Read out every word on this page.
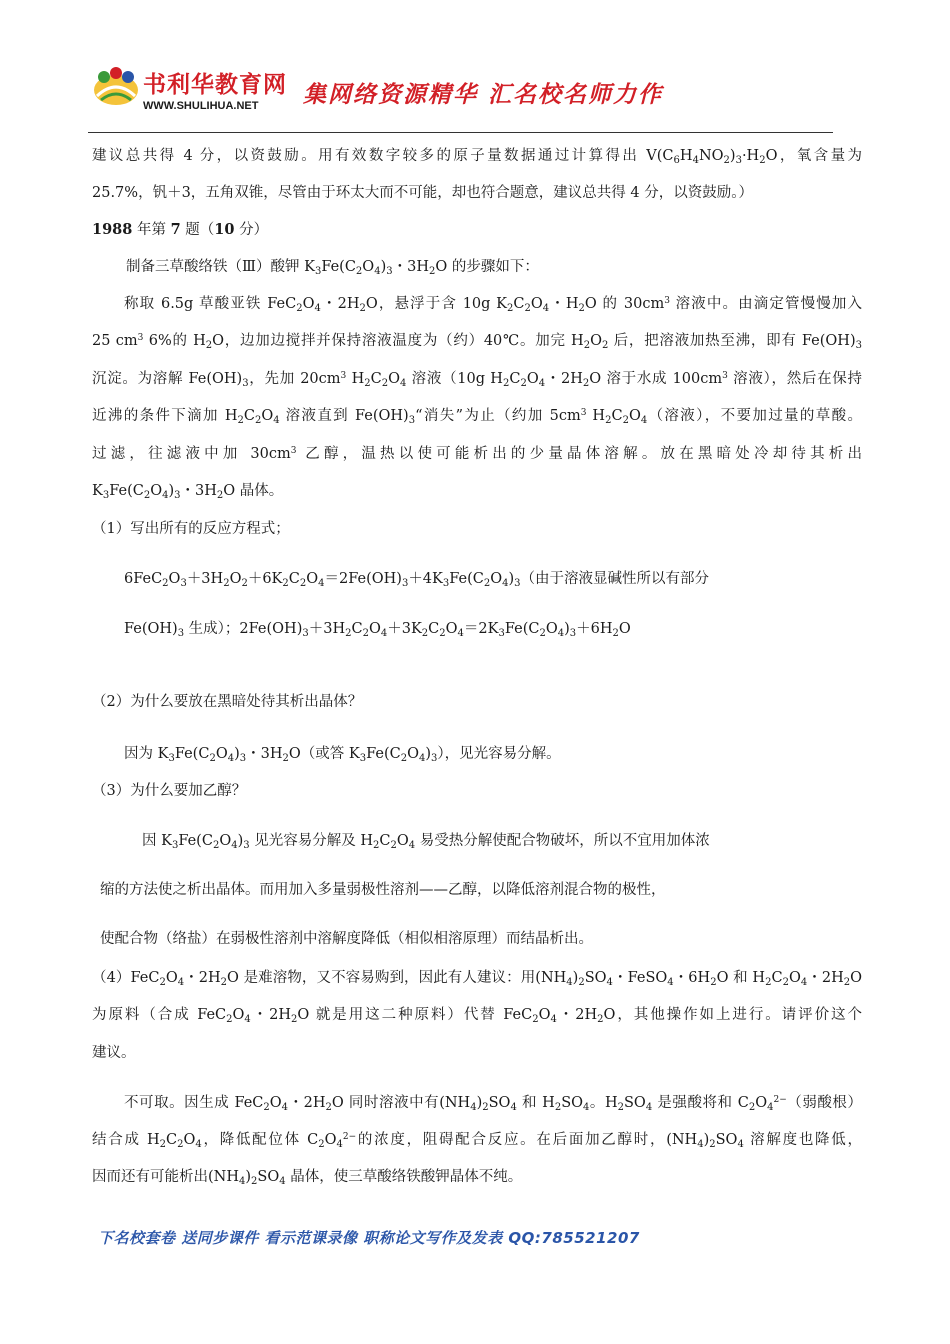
书利华教育网
WWW.SHULIHUA.NET 集网络资源精华 汇名校名师力作
建议总共得 4 分，以资鼓励。用有效数字较多的原子量数据通过计算得出 $V(C_6H_4NO_2)_3\cdot H_2O$，氧含量为
25.7%，钒＋3，五角双锥，尽管由于环太大而不可能，却也符合题意，建议总共得 4 分，以资鼓励。）
1988 年第 7 题（10 分）
制备三草酸络铁（Ⅲ）酸钾 $K_3Fe(C_2O_4)_3$・$3H_2O$ 的步骤如下：
称取 6.5g 草酸亚铁 $FeC_2O_4$・$2H_2O$，悬浮于含 10g $K_2C_2O_4$・$H_2O$ 的 $30cm^3$ 溶液中。由滴定管慢慢加入
25 $cm^3$ 6%的 $H_2O$，边加边搅拌并保持溶液温度为（约）40℃。加完 $H_2O_2$ 后，把溶液加热至沸，即有 $Fe(OH)_3$
沉淀。为溶解 $Fe(OH)_3$，先加 $20cm^3$ $H_2C_2O_4$ 溶液（10g $H_2C_2O_4$・$2H_2O$ 溶于水成 $100cm^3$ 溶液），然后在保持
近沸的条件下滴加 $H_2C_2O_4$ 溶液直到 $Fe(OH)_3“$消失”为止（约加 $5cm^3$ $H_2C_2O_4$（溶液），不要加过量的草酸。
过滤，往滤液中加 $30cm^3$ 乙醇，温热以使可能析出的少量晶体溶解。放在黑暗处冷却待其析出
$K_3Fe(C_2O_4)_3$・$3H_2O$ 晶体。
（1）写出所有的反应方程式；
$6FeC_2O_3+3H_2O_2+6K_2C_2O_4=2Fe(OH)_3+4K_3Fe(C_2O_4)_3$（由于溶液显碱性所以有部分
$Fe(OH)_3$ 生成）；$2Fe(OH)_3+3H_2C_2O_4+3K_2C_2O_4=2K_3Fe(C_2O_4)_3+6H_2O$
（2）为什么要放在黑暗处待其析出晶体？
因为 $K_3Fe(C_2O_4)_3$・$3H_2O$（或答 $K_3Fe(C_2O_4)_3$），见光容易分解。
（3）为什么要加乙醇？
因 $K_3Fe(C_2O_4)_3$ 见光容易分解及 $H_2C_2O_4$ 易受热分解使配合物破坏，所以不宜用加体浓
缩的方法使之析出晶体。而用加入多量弱极性溶剂——乙醇，以降低溶剂混合物的极性，
使配合物（络盐）在弱极性溶剂中溶解度降低（相似相溶原理）而结晶析出。
$(4)FeC_2O_4$・$2H_2O$ 是难溶物，又不容易购到，因此有人建议：用$(NH_4)_2SO_4$・FeSO$_4$・$6H_2O$ 和 $H_2C_2O_4$・$2H_2O$
为原料（合成 $FeC_2O_4$・$2H_2O$ 就是用这二种原料）代替 $FeC_2O_4$・$2H_2O$，其他操作如上进行。请评价这个
建议。
不可取。因生成 $FeC_2O_4$・$2H_2O$ 同时溶液中有$(NH_4)_2SO_4$ 和 $H_2SO_4$。$H_2SO_4$ 是强酸将和 $C_2O_4^{2-}$（弱酸根）
结合成 $H_2C_2O_4$，降低配位体 $C_2O_4^{2-}$的浓度，阻碍配合反应。在后面加乙醇时，$(NH_4)_2SO_4$ 溶解度也降低，
因而还有可能析出$(NH_4)_2SO_4$ 晶体，使三草酸络铁酸钾晶体不纯。
下名校套卷 送同步课件 看示范课录像 职称论文写作及发表 QQ:785521207
